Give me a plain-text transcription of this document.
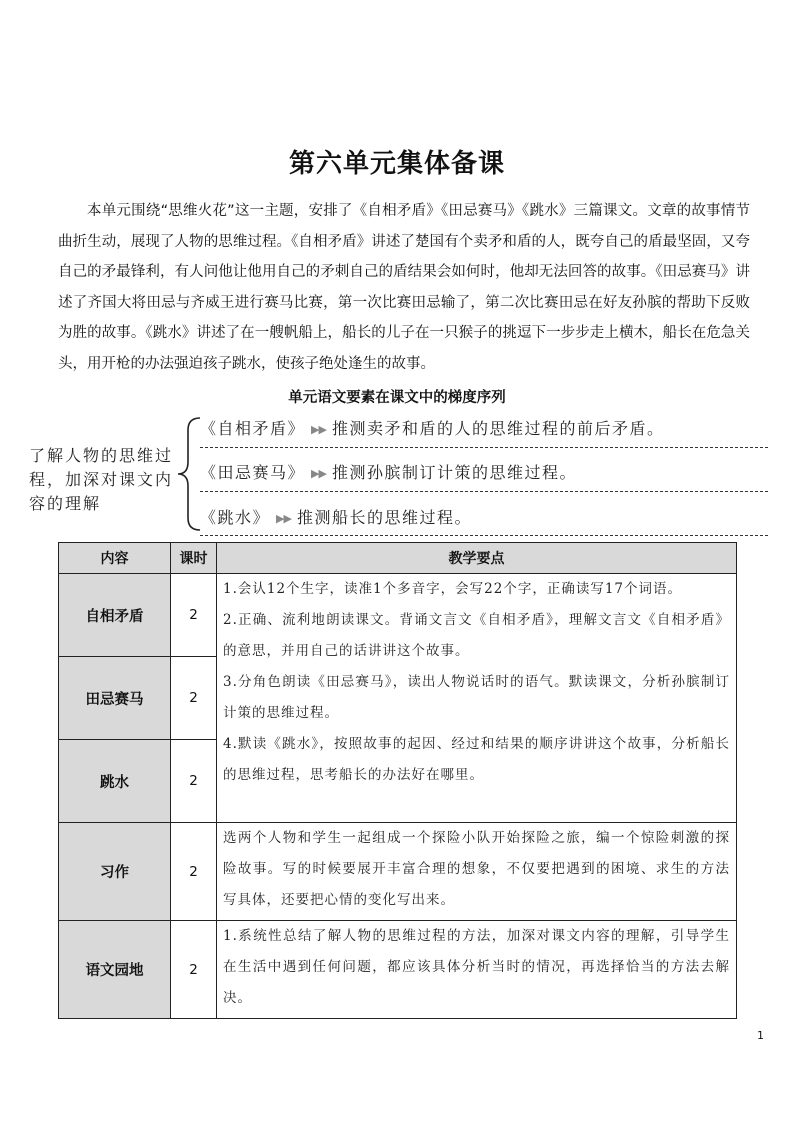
第六单元集体备课
本单元围绕“思维火花”这一主题，安排了《自相矛盾》《田忌赛马》《跳水》三篇课文。文章的故事情节曲折生动，展现了人物的思维过程。《自相矛盾》讲述了楚国有个卖矛和盾的人，既夸自己的盾最坚固，又夸自己的矛最锋利，有人问他让他用自己的矛刺自己的盾结果会如何时，他却无法回答的故事。《田忌赛马》讲述了齐国大将田忌与齐威王进行赛马比赛，第一次比赛田忌输了，第二次比赛田忌在好友孙膑的帮助下反败为胜的故事。《跳水》讲述了在一艘帆船上，船长的儿子在一只猴子的挑逗下一步步走上横木，船长在危急关头，用开枪的办法强迫孩子跳水，使孩子绝处逢生的故事。
单元语文要素在课文中的梯度序列
了解人物的思维过程，加深对课文内容的理解
《自相矛盾》 ▶▶ 推测卖矛和盾的人的思维过程的前后矛盾。
《田忌赛马》 ▶▶ 推测孙膑制订计策的思维过程。
《跳水》 ▶▶ 推测船长的思维过程。
内容	课时	教学要点
自相矛盾	2	1.会认12个生字，读准1个多音字，会写22个字，正确读写17个词语。
2.正确、流利地朗读课文。背诵文言文《自相矛盾》，理解文言文《自相矛盾》的意思，并用自己的话讲讲这个故事。
3.分角色朗读《田忌赛马》，读出人物说话时的语气。默读课文，分析孙膑制订计策的思维过程。
4.默读《跳水》，按照故事的起因、经过和结果的顺序讲讲这个故事，分析船长的思维过程，思考船长的办法好在哪里。

田忌赛马	2	
跳水	2	
习作	2	选两个人物和学生一起组成一个探险小队开始探险之旅，编一个惊险刺激的探险故事。写的时候要展开丰富合理的想象，不仅要把遇到的困境、求生的方法写具体，还要把心情的变化写出来。
语文园地	2	1.系统性总结了解人物的思维过程的方法，加深对课文内容的理解，引导学生在生活中遇到任何问题，都应该具体分析当时的情况，再选择恰当的方法去解决。
1
